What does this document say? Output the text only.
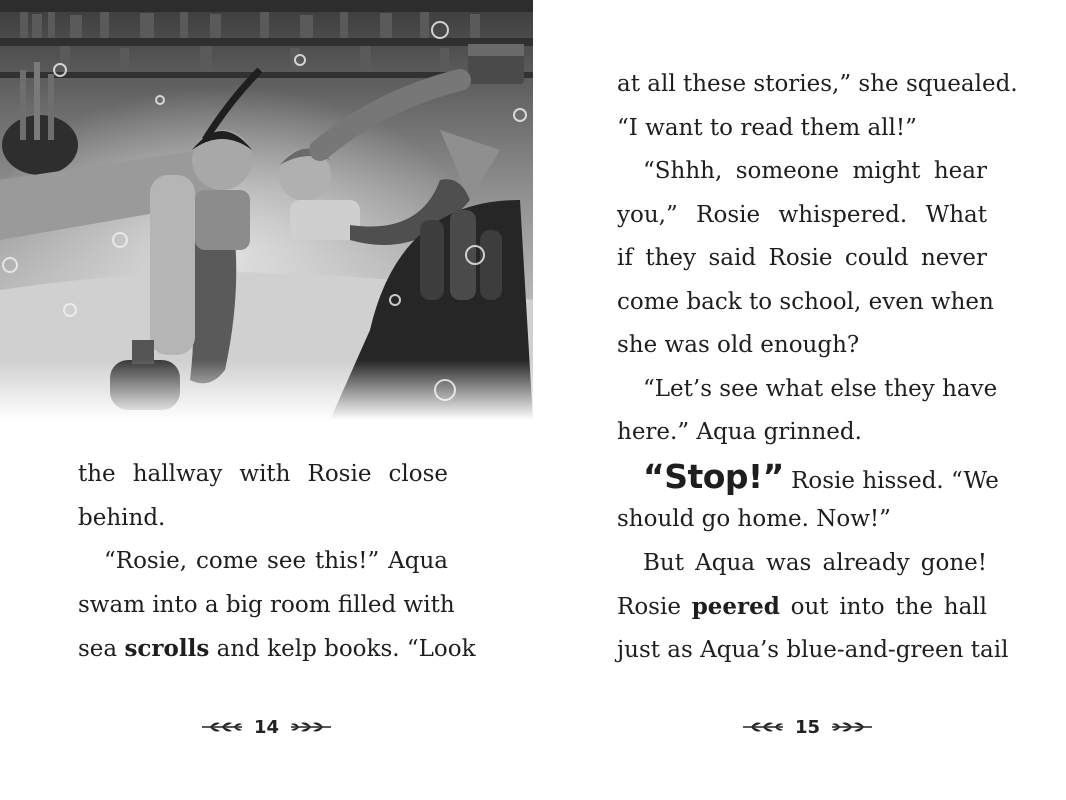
the hallway with Rosie close
behind.
“Rosie, come see this!” Aqua
swam into a big room filled with
sea scrolls and kelp books. “Look
14
at all these stories,” she squealed.
“I want to read them all!”
“Shhh, someone might hear
you,” Rosie whispered. What
if they said Rosie could never
come back to school, even when
she was old enough?
“Let’s see what else they have
here.” Aqua grinned.
“Stop!” Rosie hissed. “We
should go home. Now!”
But Aqua was already gone!
Rosie peered out into the hall
just as Aqua’s blue-and-green tail
15
